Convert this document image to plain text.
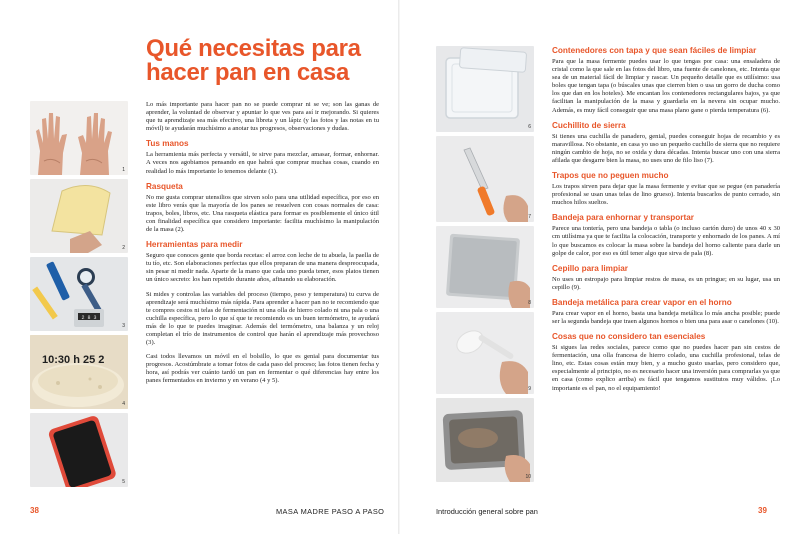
1
2
2 8 3
3
10:30 h 25 2
4
5
Qué necesitas para
hacer pan en casa

Lo más importante para hacer pan no se puede comprar ni se ve; son las ganas de aprender, la voluntad de observar y apuntar lo que ves para así ir mejorando. Si quieres que tu aprendizaje sea más efectivo, una libreta y un lápiz (y las fotos y las notas en tu móvil) te ayudarán muchísimo a anotar tus progresos, observaciones y dudas.

Tus manos

La herramienta más perfecta y versátil, te sirve para mezclar, amasar, formar, enhornar. A veces nos agobiamos pensando en que habrá que comprar muchas cosas, cuando en realidad lo más importante lo tenemos delante (1).

Rasqueta

No me gusta comprar utensilios que sirven solo para una utilidad específica, por eso en este libro verás que la mayoría de los panes se resuelven con cosas normales de casa: trapos, boles, libros, etc. Una rasqueta elástica para formar es posiblemente el único útil con finalidad específica que considero importante: facilita muchísimo la manipulación de la masa (2).

Herramientas para medir

Seguro que conoces gente que borda recetas: el arroz con leche de tu abuela, la paella de tu tío, etc. Son elaboraciones perfectas que ellos preparan de una manera despreocupada, sin pesar ni medir nada. Aparte de la mano que cada uno pueda tener, esos platos tienen un único secreto: los han repetido durante años, afinando su elaboración.

Si mides y controlas las variables del proceso (tiempo, peso y temperatura) tu curva de aprendizaje será muchísimo más rápida. Para aprender a hacer pan no te recomiendo que te compres cestos ni telas de fermentación ni una olla de hierro colado ni una pala o una cuchilla específica, pero lo que sí que te recomiendo es un buen termómetro, te ayudará más de lo que te puedes imaginar. Además del termómetro, una balanza y un reloj completan el trío de instrumentos de control que harán el aprendizaje más provechoso (3).

Casi todos llevamos un móvil en el bolsillo, lo que es genial para documentar tus progresos. Acostúmbrate a tomar fotos de cada paso del proceso; las fotos tienen fecha y hora, así podrás ver cuánto tardó un pan en fermentar o qué diferencias hay entre los panes fermentados en invierno y en verano (4 y 5).

38	MASA MADRE PASO A PASO
6
7
8
9
10
Contenedores con tapa y que sean fáciles de limpiar

Para que la masa fermente puedes usar lo que tengas por casa: una ensaladera de cristal como la que sale en las fotos del libro, una fuente de canelones, etc. Intenta que sea de un material fácil de limpiar y rascar. Un pequeño detalle que es utilísimo: usa boles que tengan tapa (o búscales unas que cierren bien o usa un gorro de ducha como los que dan en los hoteles). Me encantan los contenedores rectangulares bajos, ya que facilitan la manipulación de la masa y guardarla en la nevera sin ocupar mucho. Además, es muy fácil conseguir que una masa plano gane o pierda temperatura (6).

Cuchillito de sierra

Si tienes una cuchilla de panadero, genial, puedes conseguir hojas de recambio y es maravillosa. No obstante, en casa yo uso un pequeño cuchillo de sierra que no requiere ningún cambio de hoja, no se oxida y dura décadas. Intenta buscar uno con una sierra afilada que desgarre bien la masa, no uses uno de filo liso (7).

Trapos que no peguen mucho

Los trapos sirven para dejar que la masa fermente y evitar que se pegue (en panadería profesional se usan unas telas de lino grueso). Intenta buscarlos de punto cerrado, sin muchos hilos sueltos.

Bandeja para enhornar y transportar

Parece una tontería, pero una bandeja o tabla (o incluso cartón duro) de unos 40 x 30 cm utilísima ya que te facilita la colocación, transporte y enhornado de los panes. A mí lo que buscamos es colocar la masa sobre la bandeja del horno caliente para darle un golpe de calor, por eso es útil tener algo que sirva de pala (8).

Cepillo para limpiar

No uses un estropajo para limpiar restos de masa, es un pringue; en su lugar, usa un cepillo (9).

Bandeja metálica para crear vapor en el horno

Para crear vapor en el horno, basta una bandeja metálica lo más ancha posible; puede ser la segunda bandeja que traen algunos hornos o bien una para asar o canelones (10).

Cosas que no considero tan esenciales

Si sigues las redes sociales, parece como que no puedes hacer pan sin cestos de fermentación, una olla francesa de hierro colado, una cuchilla profesional, telas de lino, etc. Estas cosas están muy bien, y a mucho gusto usarlas, pero considero que, especialmente al principio, no es necesario hacer una inversión para comprarlas ya que en casa (como explico arriba) es fácil que tengamos sustitutos muy válidos. ¡Lo importante es el pan, no el equipamiento!

Introducción general sobre pan	39
